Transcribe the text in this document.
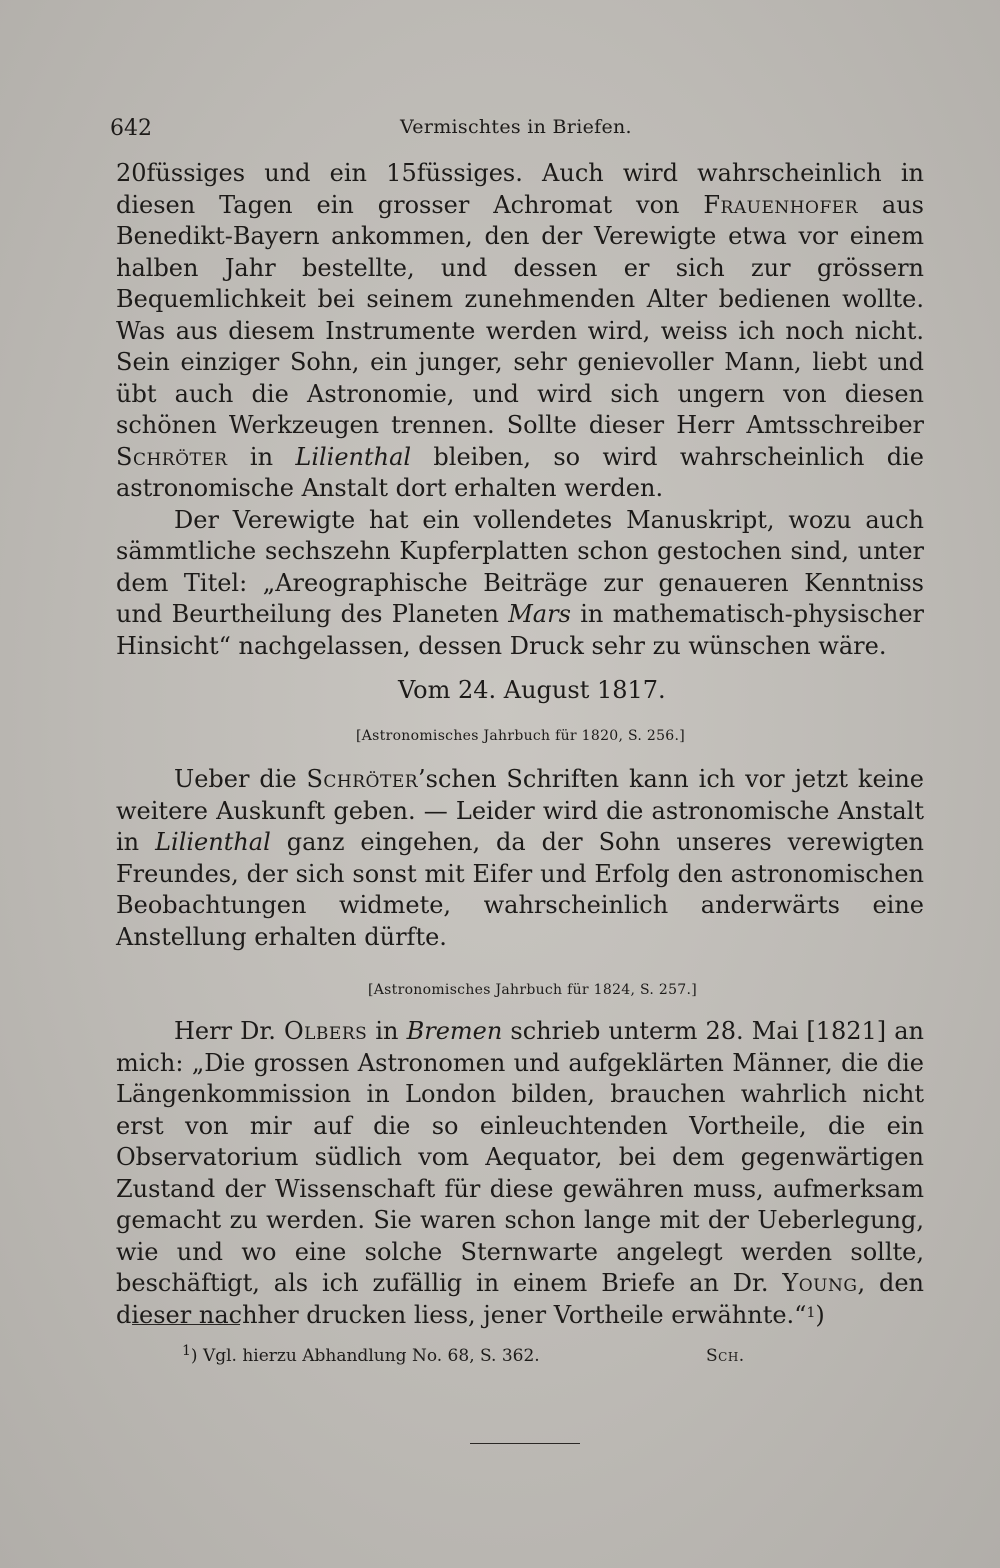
642	Vermischtes in Briefen.

20füssiges und ein 15füssiges. Auch wird wahrscheinlich in diesen Tagen ein grosser Achromat von Frauenhofer aus Benedikt-Bayern ankommen, den der Verewigte etwa vor einem halben Jahr bestellte, und dessen er sich zur grössern Bequemlichkeit bei seinem zunehmenden Alter bedienen wollte. Was aus diesem Instrumente werden wird, weiss ich noch nicht. Sein einziger Sohn, ein junger, sehr genievoller Mann, liebt und übt auch die Astronomie, und wird sich ungern von diesen schönen Werkzeugen trennen. Sollte dieser Herr Amtsschreiber Schröter in Lilienthal bleiben, so wird wahrscheinlich die astronomische Anstalt dort erhalten werden.

Der Verewigte hat ein vollendetes Manuskript, wozu auch sämmtliche sechszehn Kupferplatten schon gestochen sind, unter dem Titel: „Areographische Beiträge zur genaueren Kenntniss und Beurtheilung des Planeten Mars in mathematisch-physischer Hinsicht“ nachgelassen, dessen Druck sehr zu wünschen wäre.

Vom 24. August 1817.
[Astronomisches Jahrbuch für 1820, S. 256.]

Ueber die Schröter’schen Schriften kann ich vor jetzt keine weitere Auskunft geben. — Leider wird die astronomische Anstalt in Lilienthal ganz eingehen, da der Sohn unseres verewigten Freundes, der sich sonst mit Eifer und Erfolg den astronomischen Beobachtungen widmete, wahrscheinlich anderwärts eine Anstellung erhalten dürfte.

[Astronomisches Jahrbuch für 1824, S. 257.]

Herr Dr. Olbers in Bremen schrieb unterm 28. Mai [1821] an mich: „Die grossen Astronomen und aufgeklärten Männer, die die Längenkommission in London bilden, brauchen wahrlich nicht erst von mir auf die so einleuchtenden Vortheile, die ein Observatorium südlich vom Aequator, bei dem gegenwärtigen Zustand der Wissenschaft für diese gewähren muss, aufmerksam gemacht zu werden. Sie waren schon lange mit der Ueberlegung, wie und wo eine solche Sternwarte angelegt werden sollte, beschäftigt, als ich zufällig in einem Briefe an Dr. Young, den dieser nachher drucken liess, jener Vortheile erwähnte.“$^1$)

$^1$) Vgl. hierzu Abhandlung No. 68, S. 362.	Sch.
